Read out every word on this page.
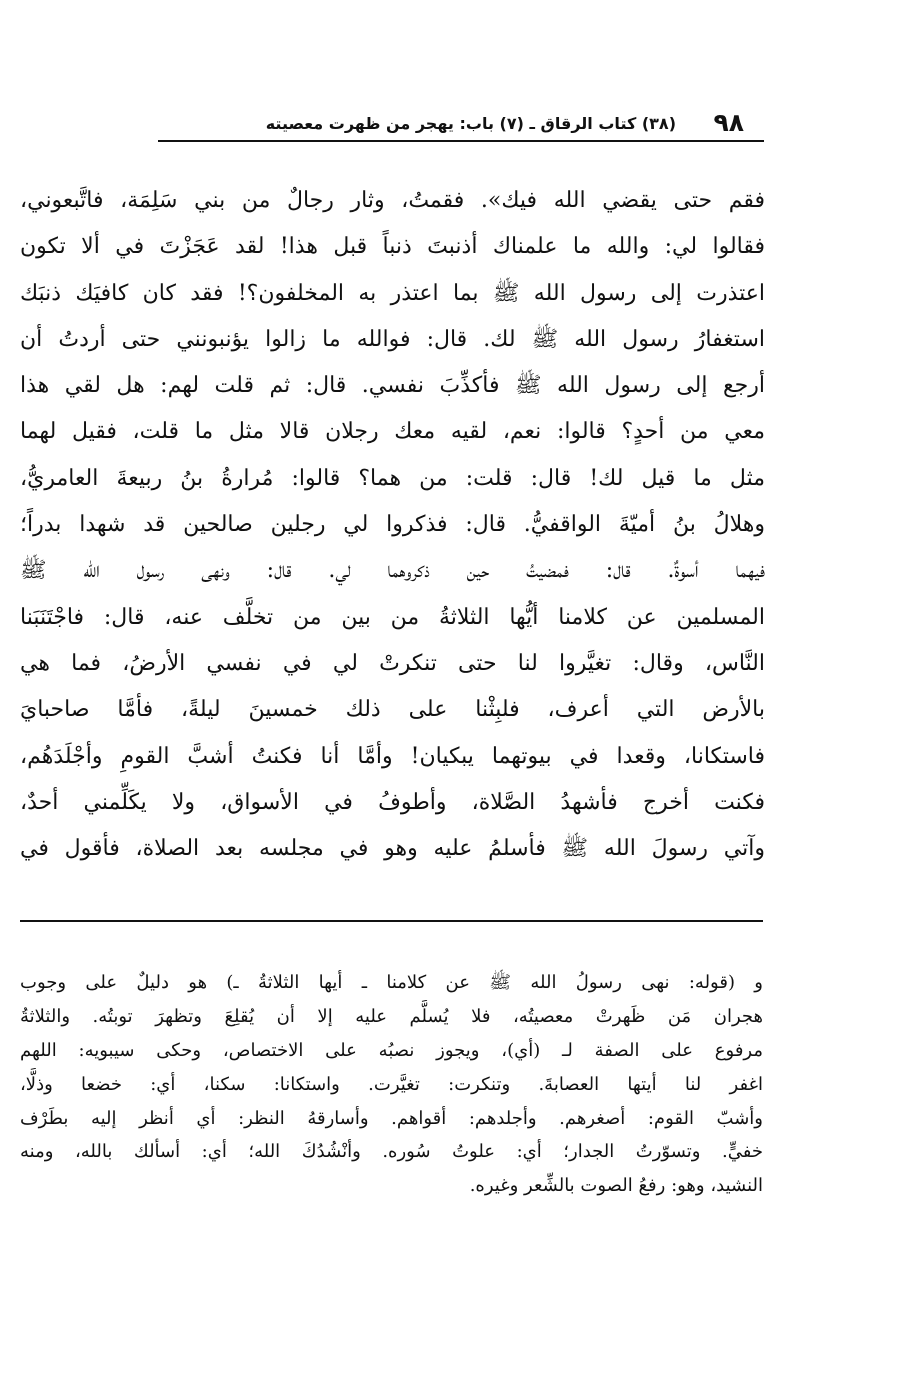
٩٨
(٣٨) كتاب الرقاق ـ (٧) باب: يهجر من ظهرت معصيته
فقم حتى يقضي الله فيك». فقمتُ، وثار رجالٌ من بني سَلِمَة، فاتَّبعوني،
فقالوا لي: والله ما علمناك أذنبتَ ذنباً قبل هذا! لقد عَجَزْتَ في ألا تكون
اعتذرت إلى رسول الله ﷺ بما اعتذر به المخلفون؟! فقد كان كافيَك ذنبَك
استغفارُ رسول الله ﷺ لك. قال: فوالله ما زالوا يؤنبونني حتى أردتُ أن
أرجع إلى رسول الله ﷺ فأكذِّبَ نفسي. قال: ثم قلت لهم: هل لقي هذا
معي من أحدٍ؟ قالوا: نعم، لقيه معك رجلان قالا مثل ما قلت، فقيل لهما
مثل ما قيل لك! قال: قلت: من هما؟ قالوا: مُرارةُ بنُ ربيعةَ العامريُّ،
وهلالُ بنُ أميّةَ الواقفيُّ. قال: فذكروا لي رجلين صالحين قد شهدا بدراً؛
فيهما أسوةٌ. قال: فمضيتُ حين ذكروهما لي. قال: ونهى رسول الله ﷺ
المسلمين عن كلامنا أيُّها الثلاثةُ من بين من تخلَّف عنه، قال: فاجْتَنَبَنا
النَّاس، وقال: تغيَّروا لنا حتى تنكرتْ لي في نفسي الأرضُ، فما هي
بالأرض التي أعرف، فلبِثْنا على ذلك خمسينَ ليلةً، فأمَّا صاحبايَ
فاستكانا، وقعدا في بيوتهما يبكيان! وأمَّا أنا فكنتُ أشبَّ القومِ وأجْلَدَهُم،
فكنت أخرج فأشهدُ الصَّلاة، وأطوفُ في الأسواق، ولا يكَلِّمني أحدٌ،
وآتي رسولَ الله ﷺ فأسلمُ عليه وهو في مجلسه بعد الصلاة، فأقول في
و (قوله: نهى رسولُ الله ﷺ عن كلامنا ـ أيها الثلاثةُ ـ) هو دليلٌ على وجوب
هجران مَن ظَهرتْ معصيتُه، فلا يُسلَّم عليه إلا أن يُقلِعَ وتظهرَ توبتُه. والثلاثةُ
مرفوع على الصفة لـ (أي)، ويجوز نصبُه على الاختصاص، وحكى سيبويه: اللهم
اغفر لنا أيتها العصابةَ. وتنكرت: تغيَّرت. واستكانا: سكنا، أي: خضعا وذلَّا،
وأشبّ القوم: أصغرهم. وأجلدهم: أقواهم. وأسارقهُ النظر: أي أنظر إليه بطَرْف
خفيٍّ. وتسوّرتُ الجدار؛ أي: علوتُ سُوره. وأنْشُدُكَ الله؛ أي: أسألك بالله، ومنه
النشيد، وهو: رفعُ الصوت بالشِّعر وغيره.
